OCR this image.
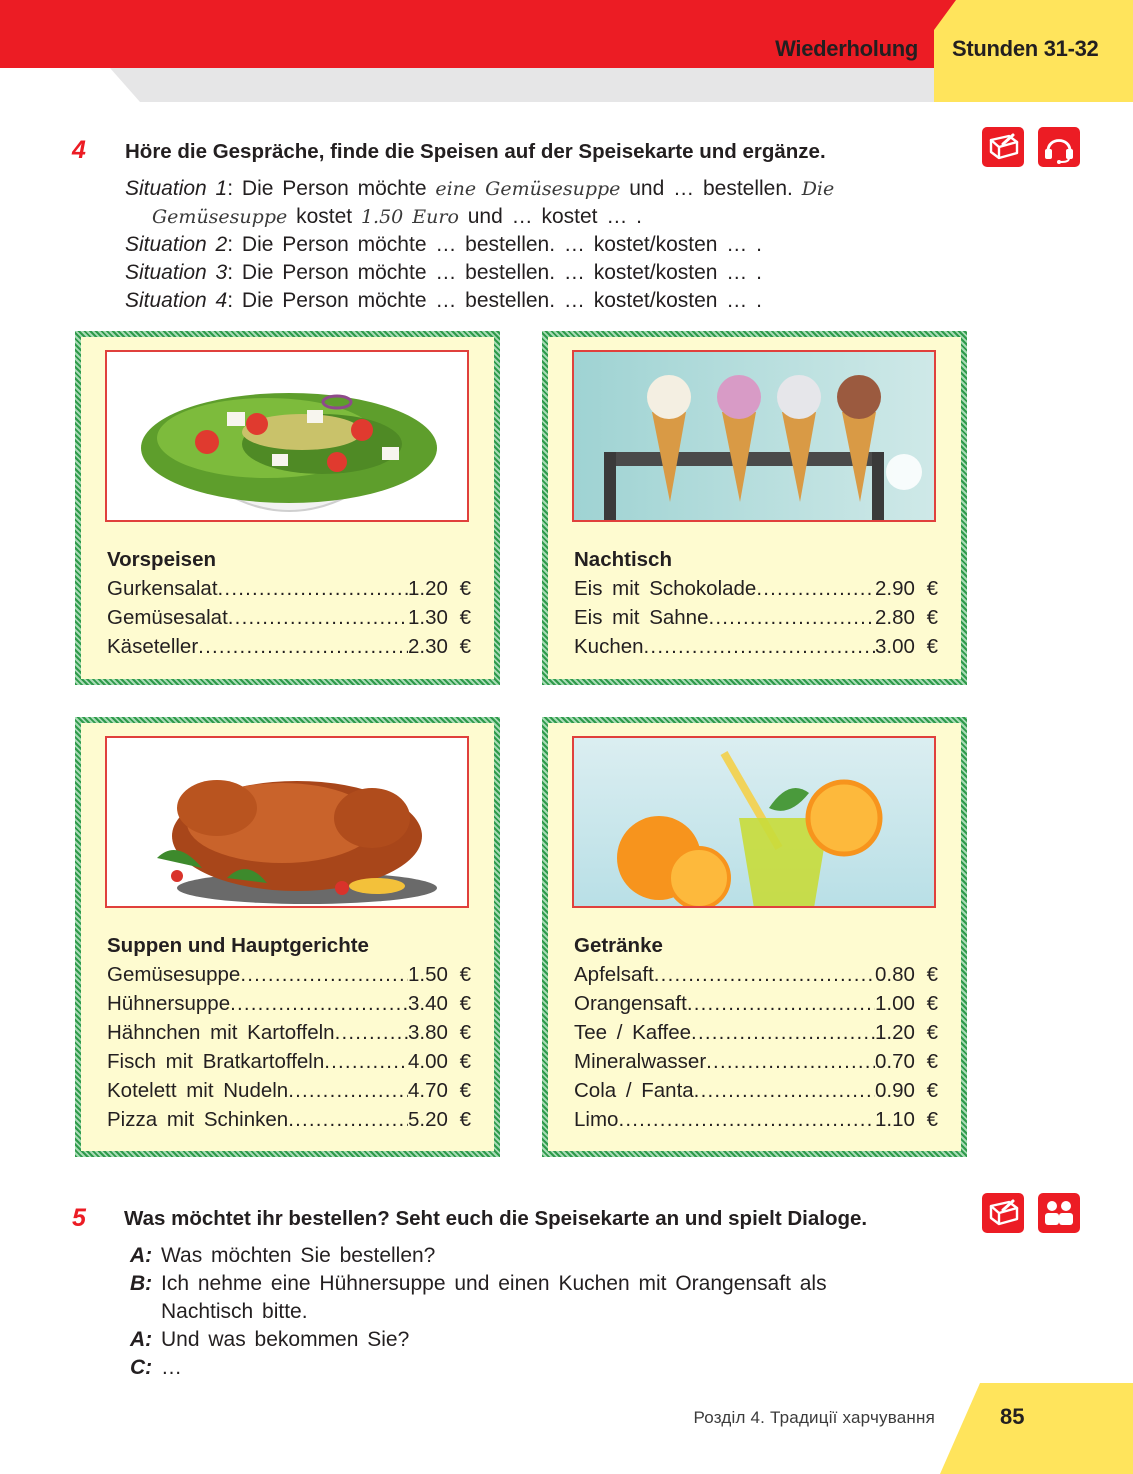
Wiederholung Stunden 31-32
4 Höre die Gespräche, finde die Speisen auf der Speisekarte und ergänze.
Situation 1: Die Person möchte eine Gemüsesuppe und … bestellen. Die
Gemüsesuppe kostet 1.50 Euro und … kostet … .
Situation 2: Die Person möchte … bestellen. … kostet/kosten … .
Situation 3: Die Person möchte … bestellen. … kostet/kosten … .
Situation 4: Die Person möchte … bestellen. … kostet/kosten … .
Vorspeisen
Gurkensalat .....	1.20 €
Gemüsesalat .....	1.30 €
Käseteller .....	2.30 €
Nachtisch
Eis mit Schokolade .....	2.90 €
Eis mit Sahne .....	2.80 €
Kuchen .....	3.00 €
Suppen und Hauptgerichte
Gemüsesuppe .....	1.50 €
Hühnersuppe .....	3.40 €
Hähnchen mit Kartoffeln .....	3.80 €
Fisch mit Bratkartoffeln .....	4.00 €
Kotelett mit Nudeln .....	4.70 €
Pizza mit Schinken .....	5.20 €
Getränke
Apfelsaft .....	0.80 €
Orangensaft .....	1.00 €
Tee / Kaffee .....	1.20 €
Mineralwasser .....	0.70 €
Cola / Fanta .....	0.90 €
Limo .....	1.10 €
5 Was möchtet ihr bestellen? Seht euch die Speisekarte an und spielt Dialoge.
A: Was möchten Sie bestellen?
B: Ich nehme eine Hühnersuppe und einen Kuchen mit Orangensaft als
Nachtisch bitte.
A: Und was bekommen Sie?
C: …
Розділ 4. Традиції харчування	85
